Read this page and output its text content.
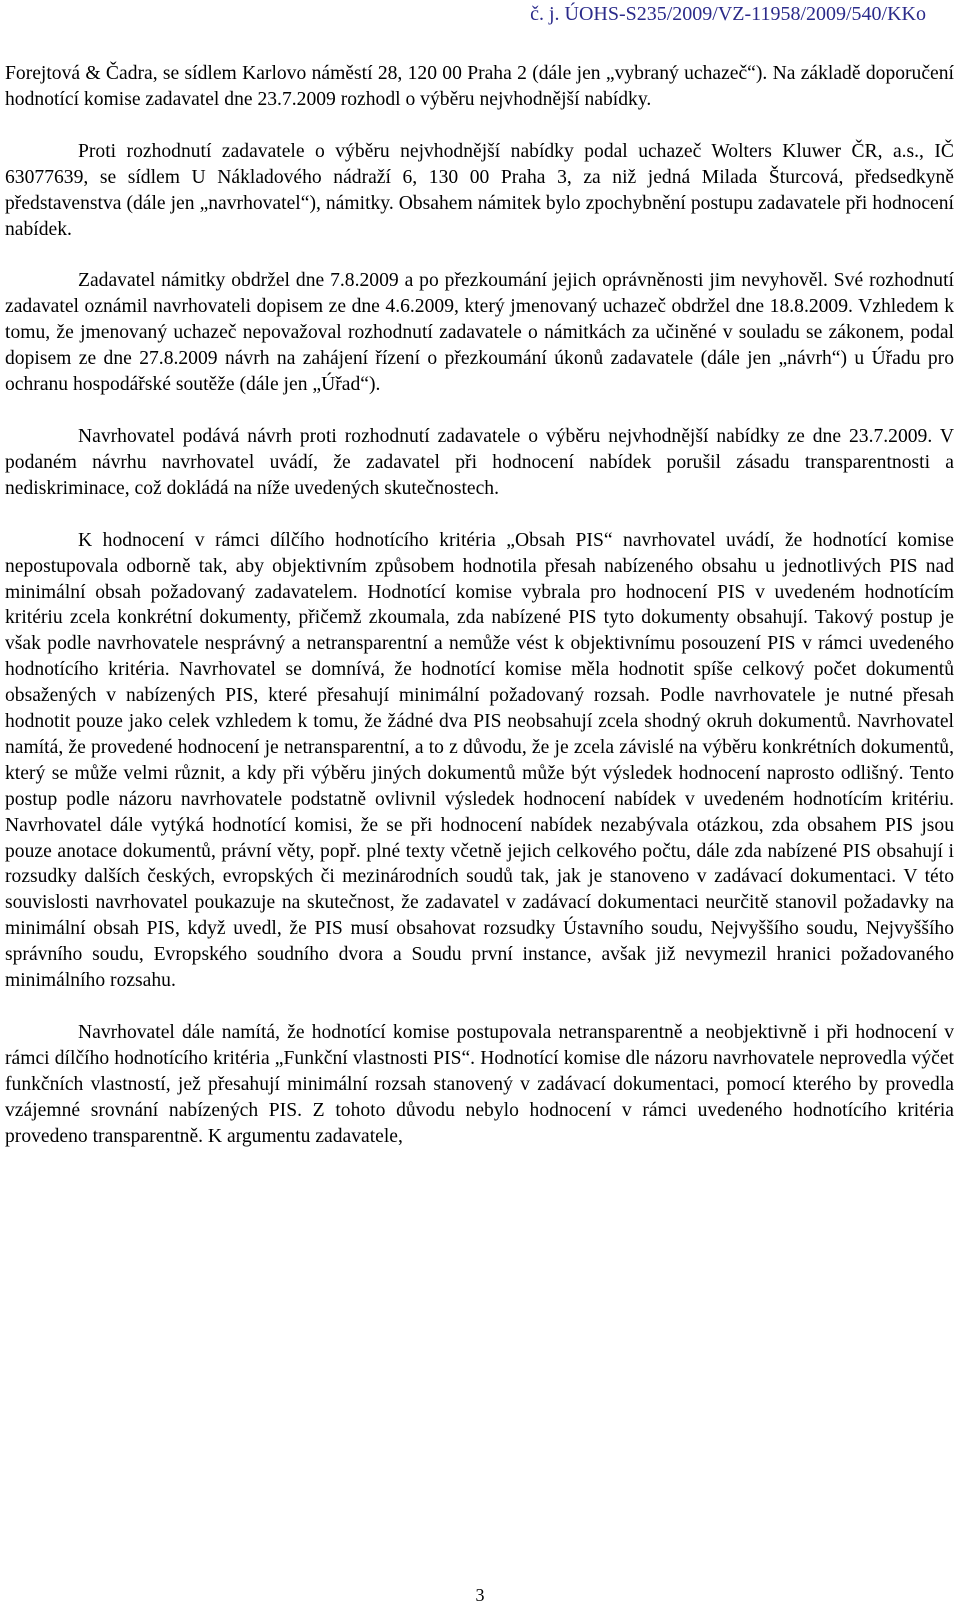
č. j. ÚOHS-S235/2009/VZ-11958/2009/540/KKo

Forejtová & Čadra, se sídlem Karlovo náměstí 28, 120 00 Praha 2 (dále jen „vybraný uchazeč“). Na základě doporučení hodnotící komise zadavatel dne 23.7.2009 rozhodl o výběru nejvhodnější nabídky.

Proti rozhodnutí zadavatele o výběru nejvhodnější nabídky podal uchazeč Wolters Kluwer ČR, a.s., IČ 63077639, se sídlem U Nákladového nádraží 6, 130 00 Praha 3, za niž jedná Milada Šturcová, předsedkyně představenstva (dále jen „navrhovatel“), námitky. Obsahem námitek bylo zpochybnění postupu zadavatele při hodnocení nabídek.

Zadavatel námitky obdržel dne 7.8.2009 a po přezkoumání jejich oprávněnosti jim nevyhověl. Své rozhodnutí zadavatel oznámil navrhovateli dopisem ze dne 4.6.2009, který jmenovaný uchazeč obdržel dne 18.8.2009. Vzhledem k tomu, že jmenovaný uchazeč nepovažoval rozhodnutí zadavatele o námitkách za učiněné v souladu se zákonem, podal dopisem ze dne 27.8.2009 návrh na zahájení řízení o přezkoumání úkonů zadavatele (dále jen „návrh“) u Úřadu pro ochranu hospodářské soutěže (dále jen „Úřad“).

Navrhovatel podává návrh proti rozhodnutí zadavatele o výběru nejvhodnější nabídky ze dne 23.7.2009. V podaném návrhu navrhovatel uvádí, že zadavatel při hodnocení nabídek porušil zásadu transparentnosti a nediskriminace, což dokládá na níže uvedených skutečnostech.

K hodnocení v rámci dílčího hodnotícího kritéria „Obsah PIS“ navrhovatel uvádí, že hodnotící komise nepostupovala odborně tak, aby objektivním způsobem hodnotila přesah nabízeného obsahu u jednotlivých PIS nad minimální obsah požadovaný zadavatelem. Hodnotící komise vybrala pro hodnocení PIS v uvedeném hodnotícím kritériu zcela konkrétní dokumenty, přičemž zkoumala, zda nabízené PIS tyto dokumenty obsahují. Takový postup je však podle navrhovatele nesprávný a netransparentní a nemůže vést k objektivnímu posouzení PIS v rámci uvedeného hodnotícího kritéria. Navrhovatel se domnívá, že hodnotící komise měla hodnotit spíše celkový počet dokumentů obsažených v nabízených PIS, které přesahují minimální požadovaný rozsah. Podle navrhovatele je nutné přesah hodnotit pouze jako celek vzhledem k tomu, že žádné dva PIS neobsahují zcela shodný okruh dokumentů. Navrhovatel namítá, že provedené hodnocení je netransparentní, a to z důvodu, že je zcela závislé na výběru konkrétních dokumentů, který se může velmi různit, a kdy při výběru jiných dokumentů může být výsledek hodnocení naprosto odlišný. Tento postup podle názoru navrhovatele podstatně ovlivnil výsledek hodnocení nabídek v uvedeném hodnotícím kritériu. Navrhovatel dále vytýká hodnotící komisi, že se při hodnocení nabídek nezabývala otázkou, zda obsahem PIS jsou pouze anotace dokumentů, právní věty, popř. plné texty včetně jejich celkového počtu, dále zda nabízené PIS obsahují i rozsudky dalších českých, evropských či mezinárodních soudů tak, jak je stanoveno v zadávací dokumentaci. V této souvislosti navrhovatel poukazuje na skutečnost, že zadavatel v zadávací dokumentaci neurčitě stanovil požadavky na minimální obsah PIS, když uvedl, že PIS musí obsahovat rozsudky Ústavního soudu, Nejvyššího soudu, Nejvyššího správního soudu, Evropského soudního dvora a Soudu první instance, avšak již nevymezil hranici požadovaného minimálního rozsahu.

Navrhovatel dále namítá, že hodnotící komise postupovala netransparentně a neobjektivně i při hodnocení v rámci dílčího hodnotícího kritéria „Funkční vlastnosti PIS“. Hodnotící komise dle názoru navrhovatele neprovedla výčet funkčních vlastností, jež přesahují minimální rozsah stanovený v zadávací dokumentaci, pomocí kterého by provedla vzájemné srovnání nabízených PIS. Z tohoto důvodu nebylo hodnocení v rámci uvedeného hodnotícího kritéria provedeno transparentně. K argumentu zadavatele,

3
